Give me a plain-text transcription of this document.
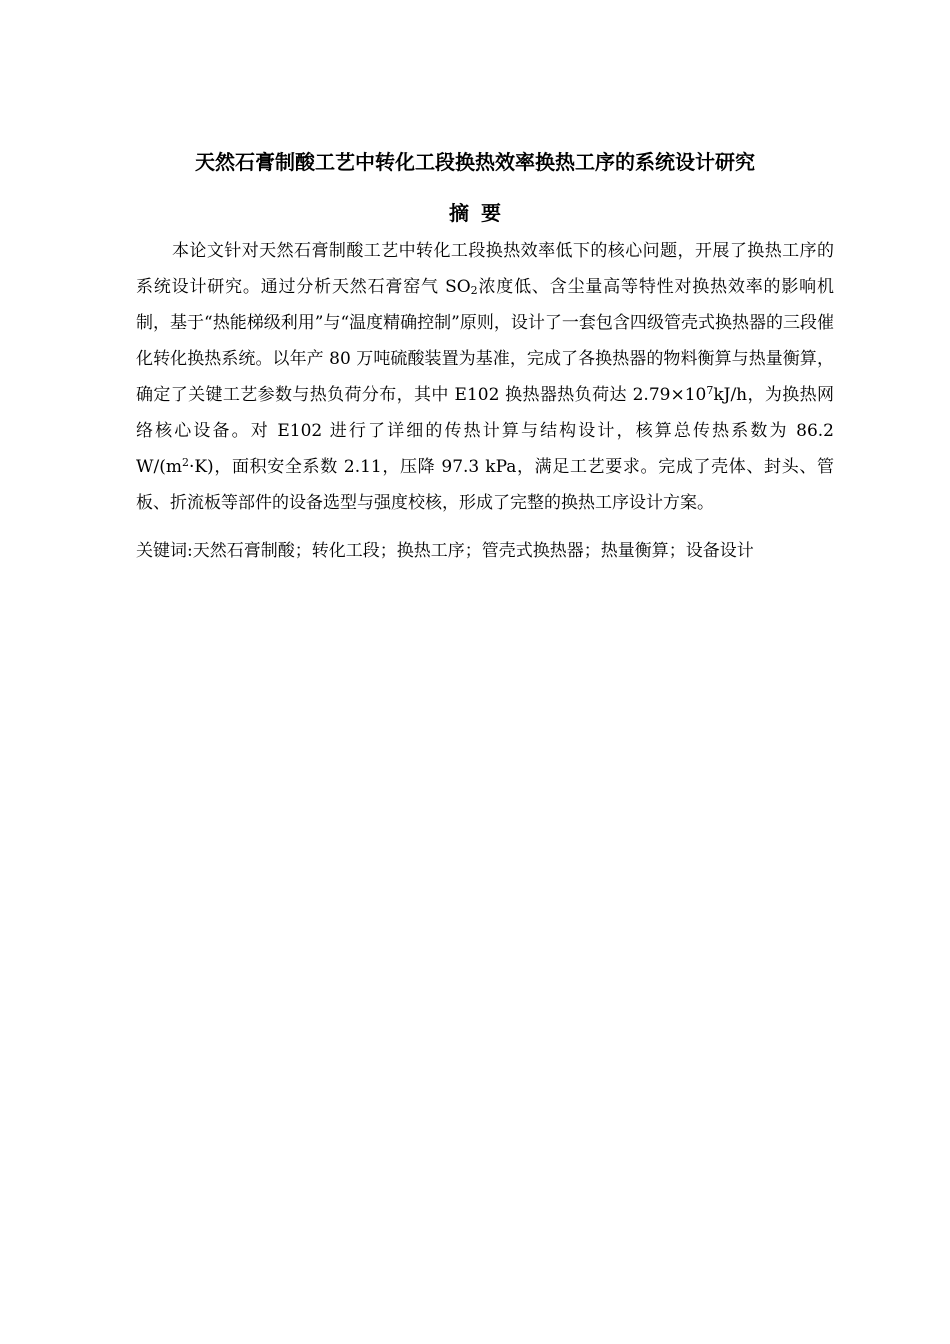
天然石膏制酸工艺中转化工段换热效率换热工序的系统设计研究
摘要

本论文针对天然石膏制酸工艺中转化工段换热效率低下的核心问题，开展了换热工序的系统设计研究。通过分析天然石膏窑气 $SO_2$浓度低、含尘量高等特性对换热效率的影响机制，基于“热能梯级利用”与“温度精确控制”原则，设计了一套包含四级管壳式换热器的三段催化转化换热系统。以年产 80 万吨硫酸装置为基准，完成了各换热器的物料衡算与热量衡算，确定了关键工艺参数与热负荷分布，其中 E102 换热器热负荷达 $2.79\times 10^7kJ/h$，为换热网络核心设备。对 E102 进行了详细的传热计算与结构设计，核算总传热系数为 86.2 $W/(m^2\cdot K)$，面积安全系数 2.11，压降 97.3 kPa，满足工艺要求。完成了壳体、封头、管板、折流板等部件的设备选型与强度校核，形成了完整的换热工序设计方案。

关键词:天然石膏制酸；转化工段；换热工序；管壳式换热器；热量衡算；设备设计
